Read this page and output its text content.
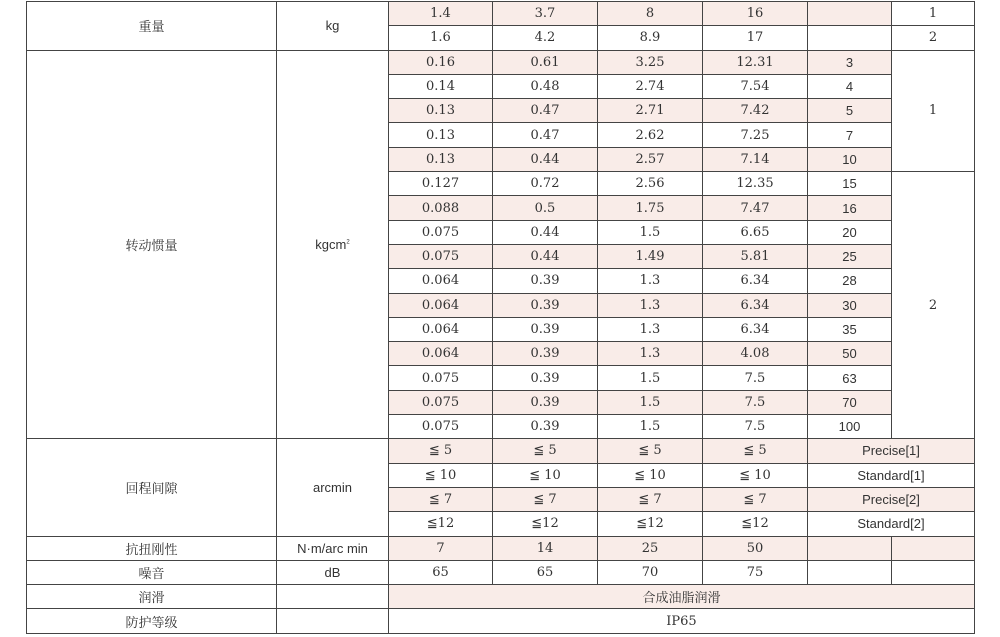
重量	kg	1.4	3.7	8	16		1
		1.6	4.2	8.9	17		2
转动惯量	kgcm$^2$	0.16	0.61	3.25	12.31	3	1
		0.14	0.48	2.74	7.54	4	
		0.13	0.47	2.71	7.42	5	
		0.13	0.47	2.62	7.25	7	
		0.13	0.44	2.57	7.14	10	
		0.127	0.72	2.56	12.35	15	2
		0.088	0.5	1.75	7.47	16	
		0.075	0.44	1.5	6.65	20	
		0.075	0.44	1.49	5.81	25	
		0.064	0.39	1.3	6.34	28	
		0.064	0.39	1.3	6.34	30	
		0.064	0.39	1.3	6.34	35	
		0.064	0.39	1.3	4.08	50	
		0.075	0.39	1.5	7.5	63	
		0.075	0.39	1.5	7.5	70	
		0.075	0.39	1.5	7.5	100	
回程间隙	arcmin	≦ 5	≦ 5	≦ 5	≦ 5	Precise[1]	
		≦ 10	≦ 10	≦ 10	≦ 10	Standard[1]	
		≦ 7	≦ 7	≦ 7	≦ 7	Precise[2]	
		≦12	≦12	≦12	≦12	Standard[2]	
抗扭刚性	N·m/arc min	7	14	25	50		
噪音	dB	65	65	70	75		
润滑		合成油脂润滑					
防护等级		IP65					
